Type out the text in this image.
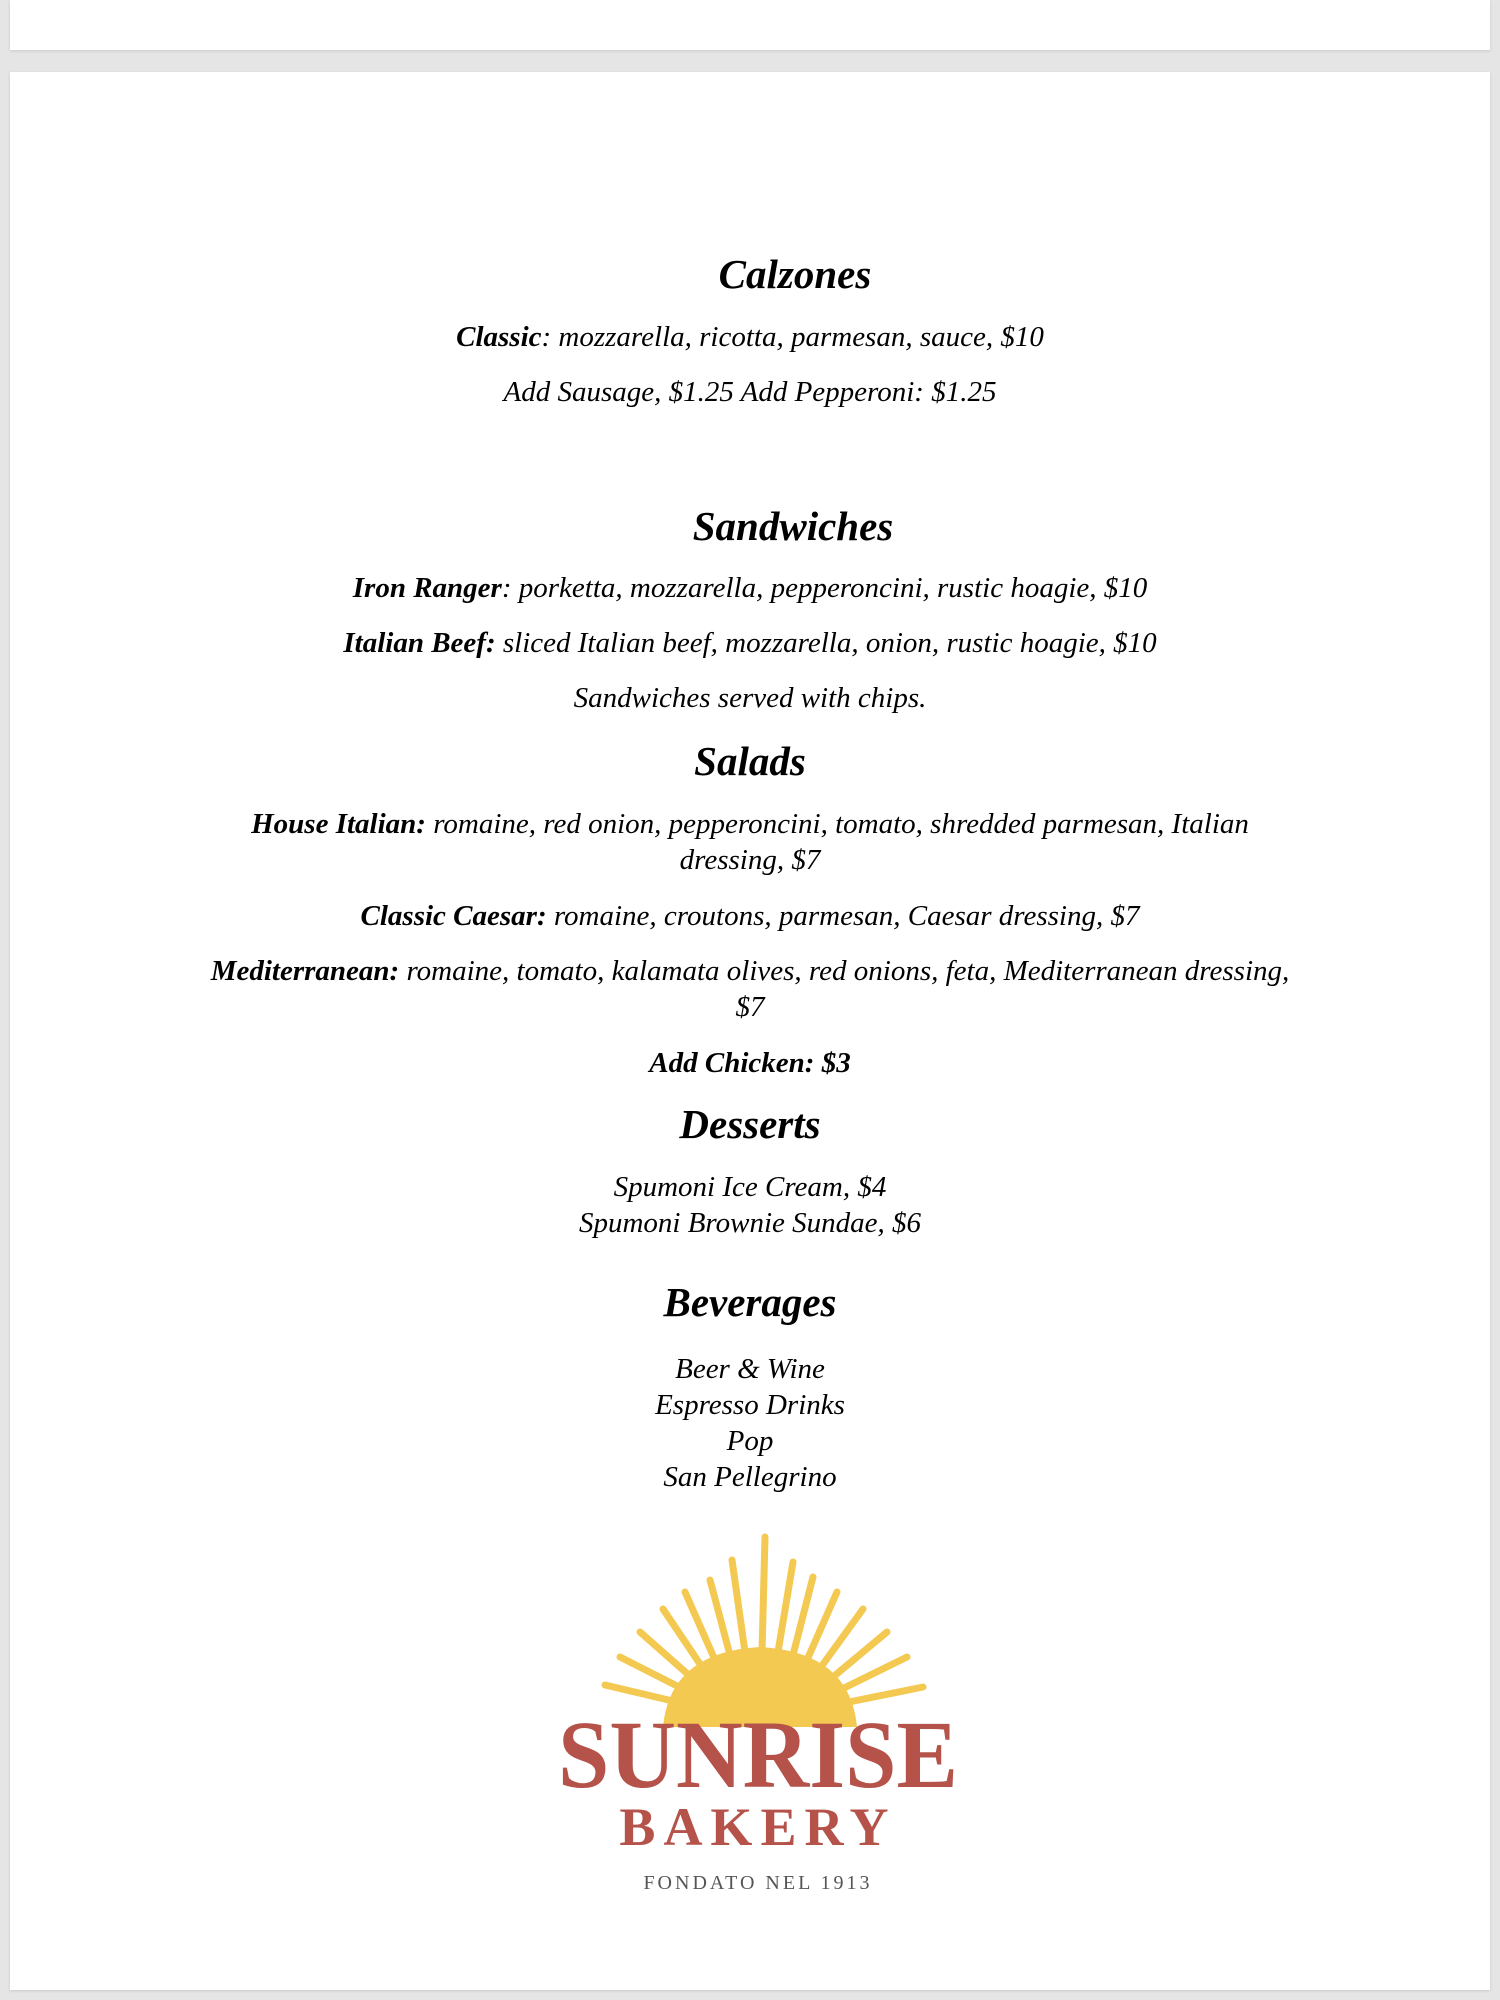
Calzones
Classic: mozzarella, ricotta, parmesan, sauce, $10
Add Sausage, $1.25 Add Pepperoni: $1.25
Sandwiches
Iron Ranger: porketta, mozzarella, pepperoncini, rustic hoagie, $10
Italian Beef: sliced Italian beef, mozzarella, onion, rustic hoagie, $10
Sandwiches served with chips.
Salads
House Italian: romaine, red onion, pepperoncini, tomato, shredded parmesan, Italian dressing, $7
Classic Caesar: romaine, croutons, parmesan, Caesar dressing, $7
Mediterranean: romaine, tomato, kalamata olives, red onions, feta, Mediterranean dressing, $7
Add Chicken: $3
Desserts
Spumoni Ice Cream, $4
Spumoni Brownie Sundae, $6
Beverages
Beer & Wine
Espresso Drinks
Pop
San Pellegrino
SUNRISE
BAKERY
FONDATO NEL 1913
